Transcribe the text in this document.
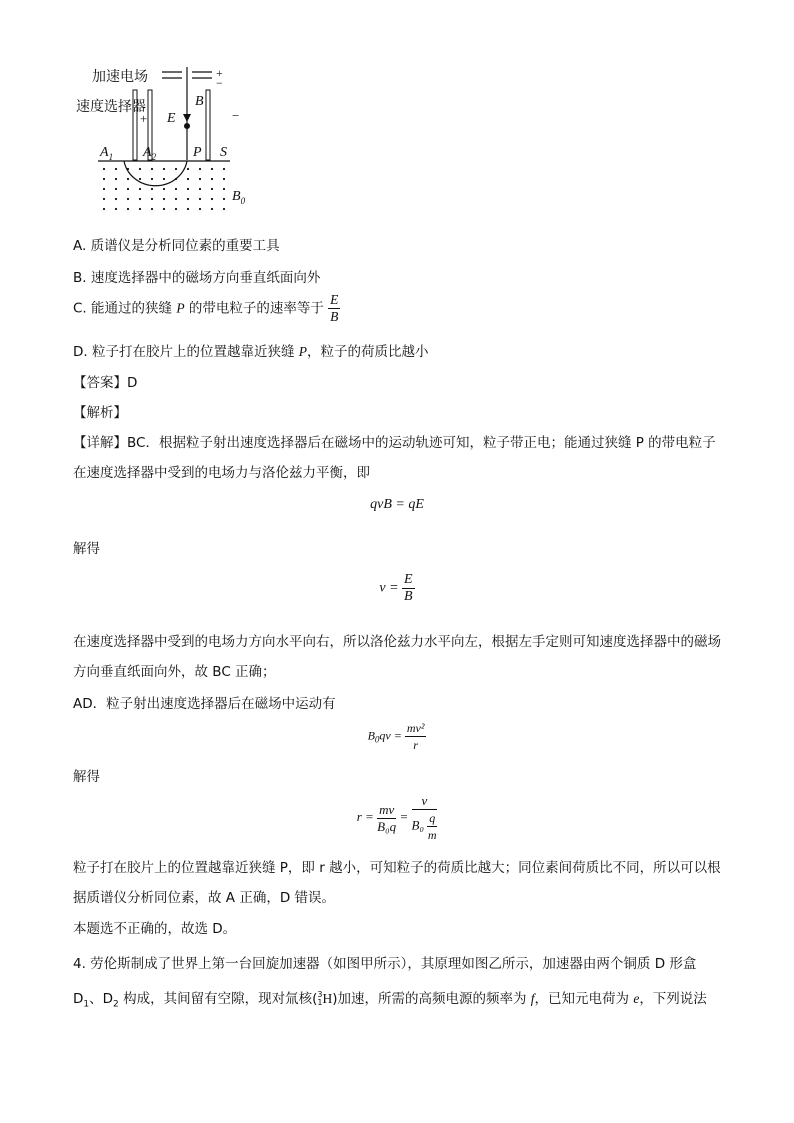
加速电场
速度选择器
+
−
+	−
E
B
$A_1$ $A_2$	P S
$B_0$
A. 质谱仪是分析同位素的重要工具
B. 速度选择器中的磁场方向垂直纸面向外
C. 能通过的狭缝 P 的带电粒子的速率等于 $\frac{E}{B}$
D. 粒子打在胶片上的位置越靠近狭缝 P，粒子的荷质比越小
【答案】D
【解析】
【详解】BC．根据粒子射出速度选择器后在磁场中的运动轨迹可知，粒子带正电；能通过狭缝 P 的带电粒子在速度选择器中受到的电场力与洛伦兹力平衡，即
qvB = qE
解得
$v = \frac{E}{B}$
在速度选择器中受到的电场力方向水平向右，所以洛伦兹力水平向左，根据左手定则可知速度选择器中的磁场方向垂直纸面向外，故 BC 正确；
AD．粒子射出速度选择器后在磁场中运动有
$B_0qv = \frac{\text{mv²}}{r}$
解得
$r = \frac{mv}{\text{B₀q}} = \frac{v}{B_0 \frac{q}{m}}$
粒子打在胶片上的位置越靠近狭缝 P，即 r 越小，可知粒子的荷质比越大；同位素间荷质比不同，所以可以根据质谱仪分析同位素，故 A 正确，D 错误。
本题选不正确的，故选 D。
4. 劳伦斯制成了世界上第一台回旋加速器（如图甲所示），其原理如图乙所示，加速器由两个铜质 D 形盒
$D_1$、$D_2$ 构成，其间留有空隙，现对氚核( 3
1 H)加速，所需的高频电源的频率为 f，已知元电荷为 e，下列说法
